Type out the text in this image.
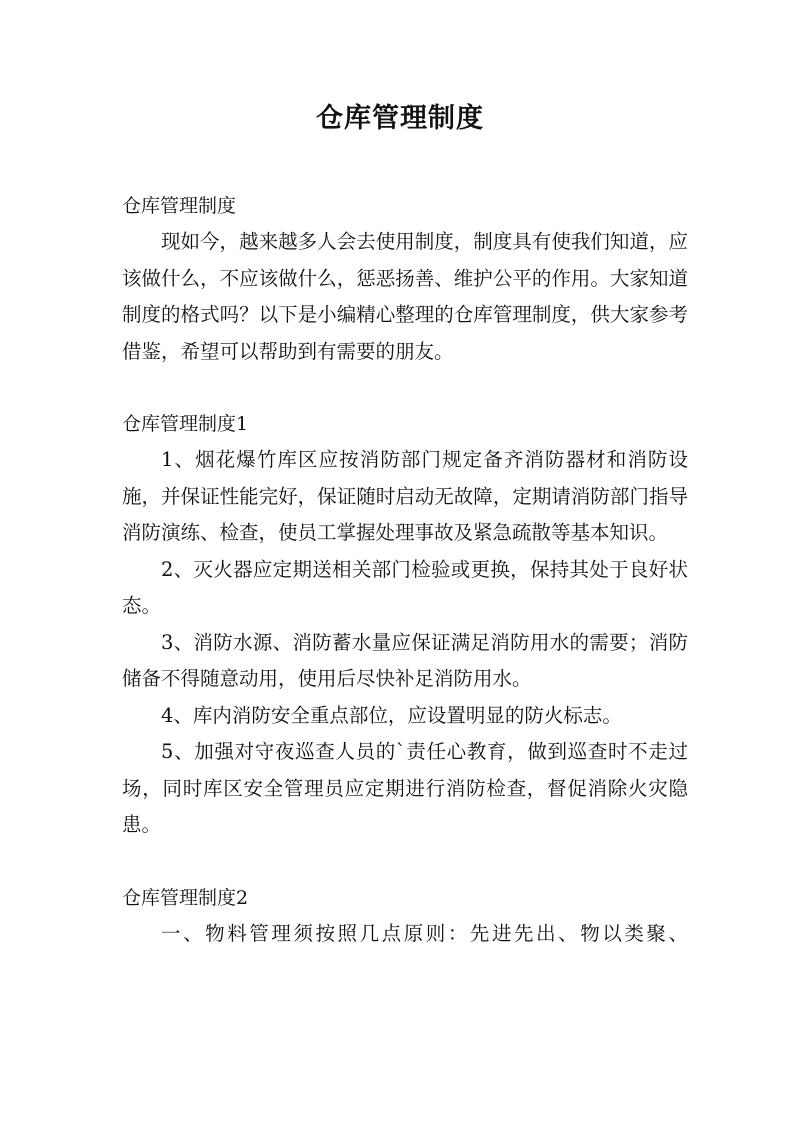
仓库管理制度
仓库管理制度

现如今，越来越多人会去使用制度，制度具有使我们知道，应该做什么，不应该做什么，惩恶扬善、维护公平的作用。大家知道制度的格式吗？以下是小编精心整理的仓库管理制度，供大家参考借鉴，希望可以帮助到有需要的朋友。

仓库管理制度1

1、烟花爆竹库区应按消防部门规定备齐消防器材和消防设施，并保证性能完好，保证随时启动无故障，定期请消防部门指导消防演练、检查，使员工掌握处理事故及紧急疏散等基本知识。

2、灭火器应定期送相关部门检验或更换，保持其处于良好状态。

3、消防水源、消防蓄水量应保证满足消防用水的需要；消防储备不得随意动用，使用后尽快补足消防用水。

4、库内消防安全重点部位，应设置明显的防火标志。

5、加强对守夜巡查人员的`责任心教育，做到巡查时不走过场，同时库区安全管理员应定期进行消防检查，督促消除火灾隐患。

仓库管理制度2

一、物料管理须按照几点原则：先进先出、物以类聚、
